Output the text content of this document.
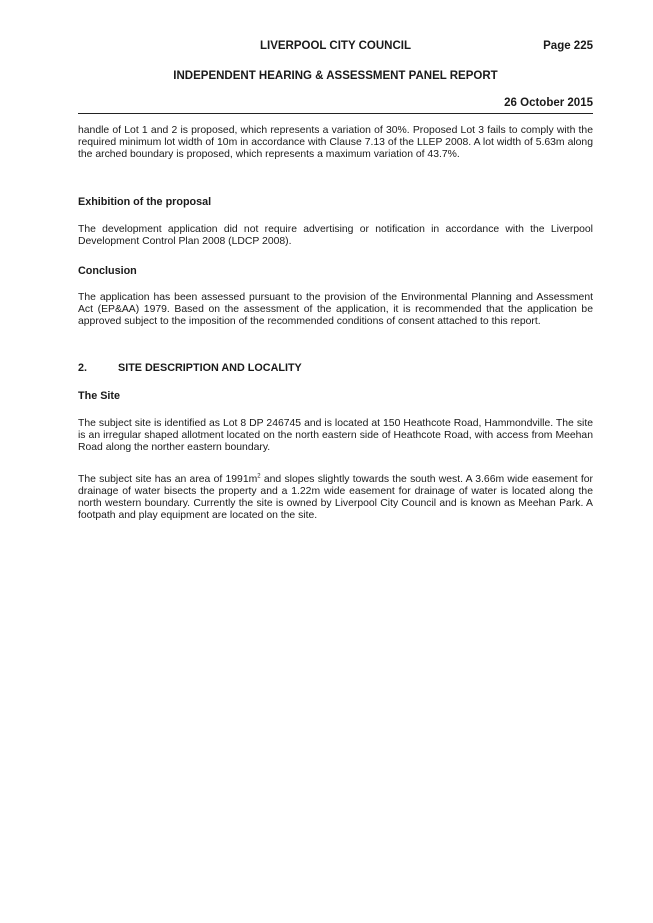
LIVERPOOL CITY COUNCIL	Page 225
INDEPENDENT HEARING & ASSESSMENT PANEL REPORT
26 October 2015

handle of Lot 1 and 2 is proposed, which represents a variation of 30%. Proposed Lot 3 fails to comply with the required minimum lot width of 10m in accordance with Clause 7.13 of the LLEP 2008. A lot width of 5.63m along the arched boundary is proposed, which represents a maximum variation of 43.7%.

Exhibition of the proposal

The development application did not require advertising or notification in accordance with the Liverpool Development Control Plan 2008 (LDCP 2008).

Conclusion

The application has been assessed pursuant to the provision of the Environmental Planning and Assessment Act (EP&AA) 1979. Based on the assessment of the application, it is recommended that the application be approved subject to the imposition of the recommended conditions of consent attached to this report.

2.	SITE DESCRIPTION AND LOCALITY

The Site

The subject site is identified as Lot 8 DP 246745 and is located at 150 Heathcote Road, Hammondville. The site is an irregular shaped allotment located on the north eastern side of Heathcote Road, with access from Meehan Road along the norther eastern boundary.

The subject site has an area of $1991m^2$ and slopes slightly towards the south west. A 3.66m wide easement for drainage of water bisects the property and a 1.22m wide easement for drainage of water is located along the north western boundary. Currently the site is owned by Liverpool City Council and is known as Meehan Park. A footpath and play equipment are located on the site.
